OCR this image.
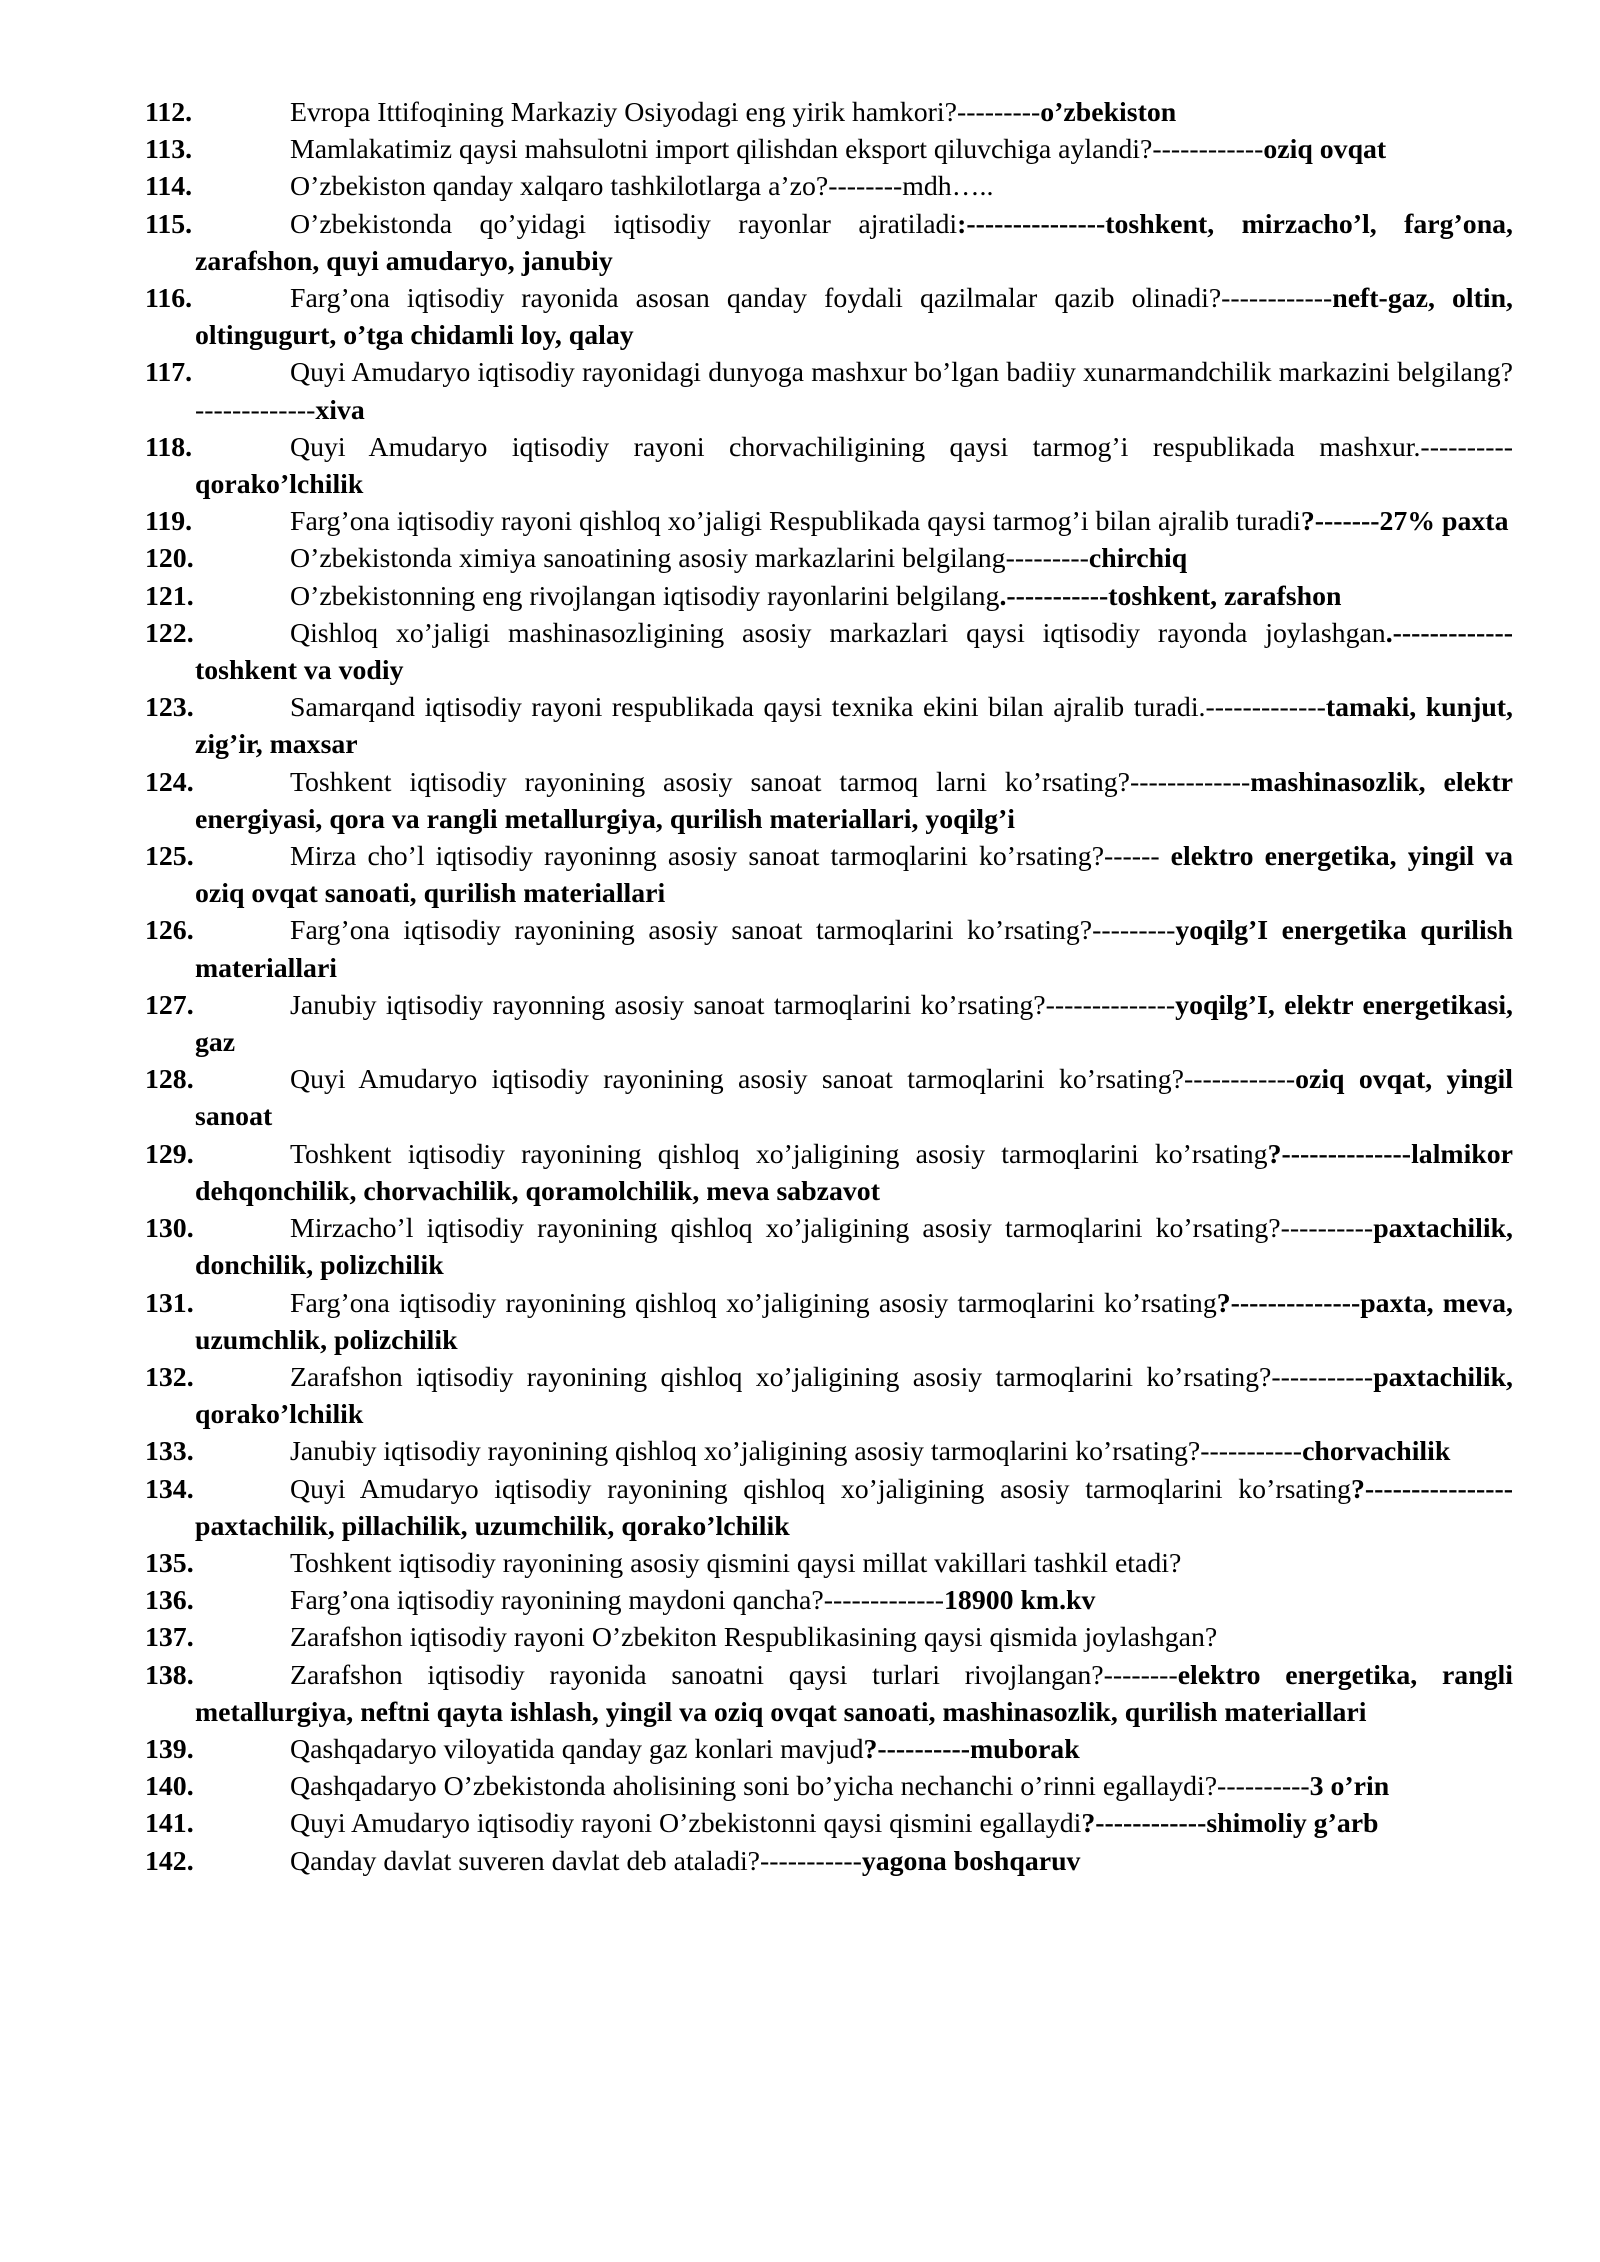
112.	Evropa Ittifoqining Markaziy Osiyodagi eng yirik hamkori?---------o’zbekiston
113.	Mamlakatimiz qaysi mahsulotni import qilishdan eksport qiluvchiga aylandi?------------oziq ovqat
114.	O’zbekiston qanday xalqaro tashkilotlarga a’zo?--------mdh…..
115.	O’zbekistonda qo’yidagi iqtisodiy rayonlar ajratiladi:---------------toshkent, mirzacho’l, farg’ona, zarafshon, quyi amudaryo, janubiy
116.	Farg’ona iqtisodiy rayonida asosan qanday foydali qazilmalar qazib olinadi?------------neft-gaz, oltin, oltingugurt, o’tga chidamli loy, qalay
117.	Quyi Amudaryo iqtisodiy rayonidagi dunyoga mashxur bo’lgan badiiy xunarmandchilik markazini belgilang?-------------xiva
118.	Quyi Amudaryo iqtisodiy rayoni chorvachiligining qaysi tarmog’i respublikada mashxur.----------qorako’lchilik
119.	Farg’ona iqtisodiy rayoni qishloq xo’jaligi Respublikada qaysi tarmog’i bilan ajralib turadi?-------27% paxta
120.	O’zbekistonda ximiya sanoatining asosiy markazlarini belgilang---------chirchiq
121.	O’zbekistonning eng rivojlangan iqtisodiy rayonlarini belgilang.-----------toshkent, zarafshon
122.	Qishloq xo’jaligi mashinasozligining asosiy markazlari qaysi iqtisodiy rayonda joylashgan.-------------toshkent va vodiy
123.	Samarqand iqtisodiy rayoni respublikada qaysi texnika ekini bilan ajralib turadi.-------------tamaki, kunjut, zig’ir, maxsar
124.	Toshkent iqtisodiy rayonining asosiy sanoat tarmoq larni ko’rsating?-------------mashinasozlik, elektr energiyasi, qora va rangli metallurgiya, qurilish materiallari, yoqilg’i
125.	Mirza cho’l iqtisodiy rayoninng asosiy sanoat tarmoqlarini ko’rsating?------ elektro energetika, yingil va oziq ovqat sanoati, qurilish materiallari
126.	Farg’ona iqtisodiy rayonining asosiy sanoat tarmoqlarini ko’rsating?---------yoqilg’I energetika qurilish materiallari
127.	Janubiy iqtisodiy rayonning asosiy sanoat tarmoqlarini ko’rsating?--------------yoqilg’I, elektr energetikasi, gaz
128.	Quyi Amudaryo iqtisodiy rayonining asosiy sanoat tarmoqlarini ko’rsating?------------oziq ovqat, yingil sanoat
129.	Toshkent iqtisodiy rayonining qishloq xo’jaligining asosiy tarmoqlarini ko’rsating?--------------lalmikor dehqonchilik, chorvachilik, qoramolchilik, meva sabzavot
130.	Mirzacho’l iqtisodiy rayonining qishloq xo’jaligining asosiy tarmoqlarini ko’rsating?----------paxtachilik, donchilik, polizchilik
131.	Farg’ona iqtisodiy rayonining qishloq xo’jaligining asosiy tarmoqlarini ko’rsating?--------------paxta, meva, uzumchlik, polizchilik
132.	Zarafshon iqtisodiy rayonining qishloq xo’jaligining asosiy tarmoqlarini ko’rsating?-----------paxtachilik, qorako’lchilik
133.	Janubiy iqtisodiy rayonining qishloq xo’jaligining asosiy tarmoqlarini ko’rsating?-----------chorvachilik
134.	Quyi Amudaryo iqtisodiy rayonining qishloq xo’jaligining asosiy tarmoqlarini ko’rsating?----------------paxtachilik, pillachilik, uzumchilik, qorako’lchilik
135.	Toshkent iqtisodiy rayonining asosiy qismini qaysi millat vakillari tashkil etadi?
136.	Farg’ona iqtisodiy rayonining maydoni qancha?-------------18900 km.kv
137.	Zarafshon iqtisodiy rayoni O’zbekiton Respublikasining qaysi qismida joylashgan?
138.	Zarafshon iqtisodiy rayonida sanoatni qaysi turlari rivojlangan?--------elektro energetika, rangli metallurgiya, neftni qayta ishlash, yingil va oziq ovqat sanoati, mashinasozlik, qurilish materiallari
139.	Qashqadaryo viloyatida qanday gaz konlari mavjud?----------muborak
140.	Qashqadaryo O’zbekistonda aholisining soni bo’yicha nechanchi o’rinni egallaydi?----------3 o’rin
141.	Quyi Amudaryo iqtisodiy rayoni O’zbekistonni qaysi qismini egallaydi?------------shimoliy g’arb
142.	Qanday davlat suveren davlat deb ataladi?-----------yagona boshqaruv
